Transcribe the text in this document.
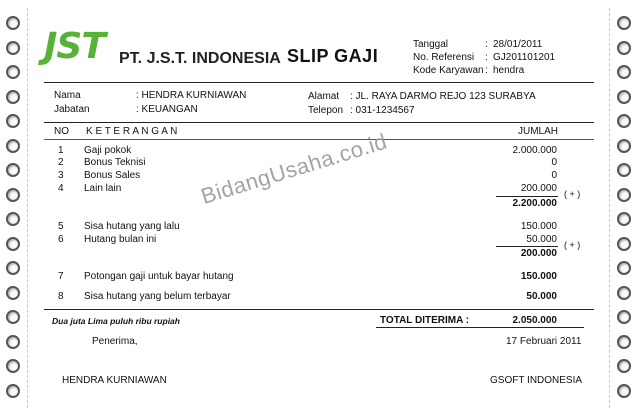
JST PT. J.S.T. INDONESIA SLIP GAJI
Tanggal	: 28/01/2011
No. Referensi : GJ201101201
Kode Karyawan : hendra
Nama	: HENDRA KURNIAWAN
Jabatan	: KEUANGAN
Alamat : JL. RAYA DARMO REJO 123 SURABYA
Telepon : 031-1234567
NO K E T E R A N G A N	JUMLAH
1 Gaji pokok	2.000.000
2 Bonus Teknisi	0
3 Bonus Sales	0
4 Lain lain	200.000 ( + )
2.200.000
5 Sisa hutang yang lalu	150.000
6 Hutang bulan ini	50.000 ( + )
200.000
7 Potongan gaji untuk bayar hutang	150.000
8 Sisa hutang yang belum terbayar	50.000
Dua juta Lima puluh ribu rupiah	TOTAL DITERIMA :	2.050.000
Penerima,	17 Februari 2011
HENDRA KURNIAWAN	GSOFT INDONESIA
BidangUsaha.co.id
